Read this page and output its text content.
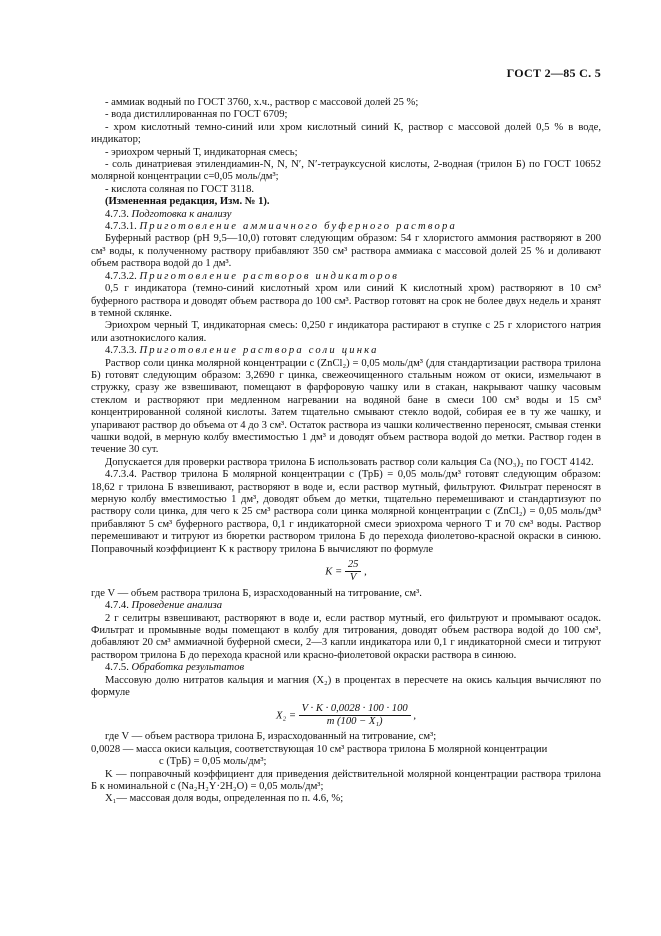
ГОСТ 2—85 С. 5

- аммиак водный по ГОСТ 3760, х.ч., раствор с массовой долей 25 %;

- вода дистиллированная по ГОСТ 6709;

- хром кислотный темно-синий или хром кислотный синий К, раствор с массовой долей 0,5 % в воде, индикатор;

- эриохром черный Т, индикаторная смесь;

- соль динатриевая этилендиамин-N, N, N′, N′-тетрауксусной кислоты, 2-водная (трилон Б) по ГОСТ 10652 молярной концентрации c=0,05 моль/дм³;

- кислота соляная по ГОСТ 3118.

(Измененная редакция, Изм. № 1).

4.7.3. Подготовка к анализу

4.7.3.1. Приготовление аммиачного буферного раствора

Буферный раствор (pH 9,5—10,0) готовят следующим образом: 54 г хлористого аммония растворяют в 200 см³ воды, к полученному раствору прибавляют 350 см³ раствора аммиака с массовой долей 25 % и доливают объем раствора водой до 1 дм³.

4.7.3.2. Приготовление растворов индикаторов

0,5 г индикатора (темно-синий кислотный хром или синий К кислотный хром) растворяют в 10 см³ буферного раствора и доводят объем раствора до 100 см³. Раствор готовят на срок не более двух недель и хранят в темной склянке.

Эриохром черный Т, индикаторная смесь: 0,250 г индикатора растирают в ступке с 25 г хлористого натрия или азотнокислого калия.

4.7.3.3. Приготовление раствора соли цинка

Раствор соли цинка молярной концентрации c (ZnCl₂) = 0,05 моль/дм³ (для стандартизации раствора трилона Б) готовят следующим образом: 3,2690 г цинка, свежеочищенного стальным ножом от окиси, измельчают в стружку, сразу же взвешивают, помещают в фарфоровую чашку или в стакан, накрывают чашку часовым стеклом и растворяют при медленном нагревании на водяной бане в смеси 100 см³ воды и 15 см³ концентрированной соляной кислоты. Затем тщательно смывают стекло водой, собирая ее в ту же чашку, и упаривают раствор до объема от 4 до 3 см³. Остаток раствора из чашки количественно переносят, смывая стенки чашки водой, в мерную колбу вместимостью 1 дм³ и доводят объем раствора водой до метки. Раствор годен в течение 30 сут.

Допускается для проверки раствора трилона Б использовать раствор соли кальция Ca (NO₃)₂ по ГОСТ 4142.

4.7.3.4. Раствор трилона Б молярной концентрации c (ТрБ) = 0,05 моль/дм³ готовят следующим образом: 18,62 г трилона Б взвешивают, растворяют в воде и, если раствор мутный, фильтруют. Фильтрат переносят в мерную колбу вместимостью 1 дм³, доводят объем до метки, тщательно перемешивают и стандартизуют по раствору соли цинка, для чего к 25 см³ раствора соли цинка молярной концентрации c (ZnCl₂) = 0,05 моль/дм³ прибавляют 5 см³ буферного раствора, 0,1 г индикаторной смеси эриохрома черного Т и 70 см³ воды. Раствор перемешивают и титруют из бюретки раствором трилона Б до перехода фиолетово-красной окраски в синюю. Поправочный коэффициент K к раствору трилона Б вычисляют по формуле

$K = \frac{25}{V}$ ,

где V — объем раствора трилона Б, израсходованный на титрование, см³.

4.7.4. Проведение анализа

2 г селитры взвешивают, растворяют в воде и, если раствор мутный, его фильтруют и промывают осадок. Фильтрат и промывные воды помещают в колбу для титрования, доводят объем раствора водой до 100 см³, добавляют 20 см³ аммиачной буферной смеси, 2—3 капли индикатора или 0,1 г индикаторной смеси и титруют раствором трилона Б до перехода красной или красно-фиолетовой окраски раствора в синюю.

4.7.5. Обработка результатов

Массовую долю нитратов кальция и магния (X₂) в процентах в пересчете на окись кальция вычисляют по формуле

$X_2 = \frac{V \cdot K \cdot 0,0028 \cdot 100 \cdot 100}{\text{m (100 − X₁)}}$ ,

где V — объем раствора трилона Б, израсходованный на титрование, см³;

0,0028 — масса окиси кальция, соответствующая 10 см³ раствора трилона Б молярной концентрации

c (ТрБ) = 0,05 моль/дм³;

K — поправочный коэффициент для приведения действительной молярной концентрации раствора трилона Б к номинальной c (Na₂H₂Y·2H₂O) = 0,05 моль/дм³;

X₁— массовая доля воды, определенная по п. 4.6, %;
